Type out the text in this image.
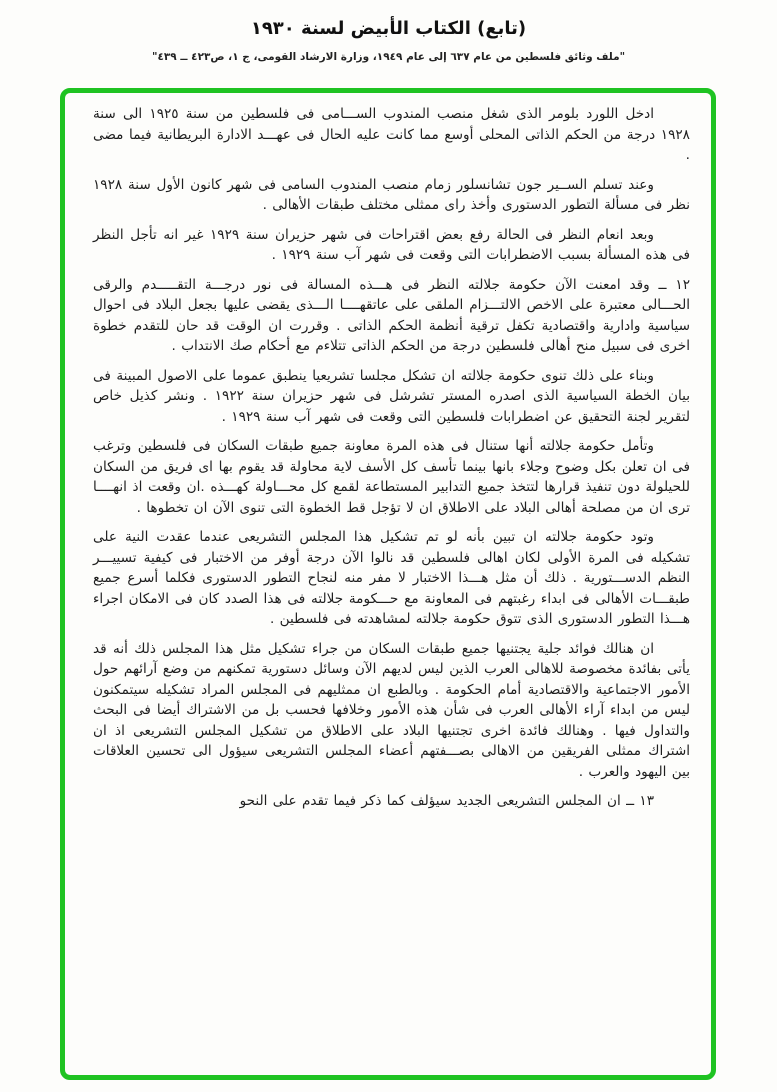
(تابع) الكتاب الأبيض لسنة ١٩٣٠
"ملف وثائق فلسطين من عام ٦٣٧ إلى عام ١٩٤٩، وزارة الارشاد القومى، ج ١، ص٤٢٣ ــ ٤٣٩"

ادخل اللورد بلومر الذى شغل منصب المندوب الســـامى فى فلسطين من سنة ١٩٢٥ الى سنة ١٩٢٨ درجة من الحكم الذاتى المحلى أوسع مما كانت عليه الحال فى عهـــد الادارة البريطانية فيما مضى .

وعند تسلم الســير جون تشانسلور زمام منصب المندوب السامى فى شهر كانون الأول سنة ١٩٢٨ نظر فى مسألة التطور الدستورى وأخذ راى ممثلى مختلف طبقات الأهالى .

وبعد انعام النظر فى الحالة رفع بعض اقتراحات فى شهر حزيران سنة ١٩٢٩ غير انه تأجل النظر فى هذه المسألة بسبب الاضطرابات التى وقعت فى شهر آب سنة ١٩٢٩ .

١٢ ــ وقد امعنت الآن حكومة جلالته النظر فى هـــذه المسالة فى نور درجـــة التقـــــدم والرقى الحـــالى معتبرة على الاخص الالتـــزام الملقى على عاتقهــــا الـــذى يقضى عليها بجعل البلاد فى احوال سياسية وادارية واقتصادية تكفل ترقية أنظمة الحكم الذاتى . وقررت ان الوقت قد حان للتقدم خطوة اخرى فى سبيل منح أهالى فلسطين درجة من الحكم الذاتى تتلاءم مع أحكام صك الانتداب .

وبناء على ذلك تنوى حكومة جلالته ان تشكل مجلسا تشريعيا ينطبق عموما على الاصول المبينة فى بيان الخطة السياسية الذى اصدره المستر تشرشل فى شهر حزيران سنة ١٩٢٢ . ونشر كذيل خاص لتقرير لجنة التحقيق عن اضطرابات فلسطين التى وقعت فى شهر آب سنة ١٩٢٩ .

وتأمل حكومة جلالته أنها ستنال فى هذه المرة معاونة جميع طبقات السكان فى فلسطين وترغب فى ان تعلن بكل وضوح وجلاء بانها بينما تأسف كل الأسف لاية محاولة قد يقوم بها اى فريق من السكان للحيلولة دون تنفيذ قرارها لتتخذ جميع التدابير المستطاعة لقمع كل محـــاولة كهـــذه .ان وقعت اذ انهــــا ترى ان من مصلحة أهالى البلاد على الاطلاق ان لا تؤجل قط الخطوة التى تنوى الآن ان تخطوها .

وتود حكومة جلالته ان تبين بأنه لو تم تشكيل هذا المجلس التشريعى عندما عقدت النية على تشكيله فى المرة الأولى لكان اهالى فلسطين قد نالوا الآن درجة أوفر من الاختبار فى كيفية تسييـــر النظم الدســـتورية . ذلك أن مثل هـــذا الاختبار لا مفر منه لنجاح التطور الدستورى فكلما أسرع جميع طبقـــات الأهالى فى ابداء رغبتهم فى المعاونة مع حـــكومة جلالته فى هذا الصدد كان فى الامكان اجراء هـــذا التطور الدستورى الذى تتوق حكومة جلالته لمشاهدته فى فلسطين .

ان هنالك فوائد جلية يجتنيها جميع طبقات السكان من جراء تشكيل مثل هذا المجلس ذلك أنه قد يأتى بفائدة مخصوصة للاهالى العرب الذين ليس لديهم الآن وسائل دستورية تمكنهم من وضع آرائهم حول الأمور الاجتماعية والاقتصادية أمام الحكومة . وبالطبع ان ممثليهم فى المجلس المراد تشكيله سيتمكنون ليس من ابداء آراء الأهالى العرب فى شأن هذه الأمور وخلافها فحسب بل من الاشتراك أيضا فى البحث والتداول فيها . وهنالك فائدة اخرى تجتنيها البلاد على الاطلاق من تشكيل المجلس التشريعى اذ ان اشتراك ممثلى الفريقين من الاهالى بصـــفتهم أعضاء المجلس التشريعى سيؤول الى تحسين العلاقات بين اليهود والعرب .

١٣ ــ ان المجلس التشريعى الجديد سيؤلف كما ذكر فيما تقدم على النحو
